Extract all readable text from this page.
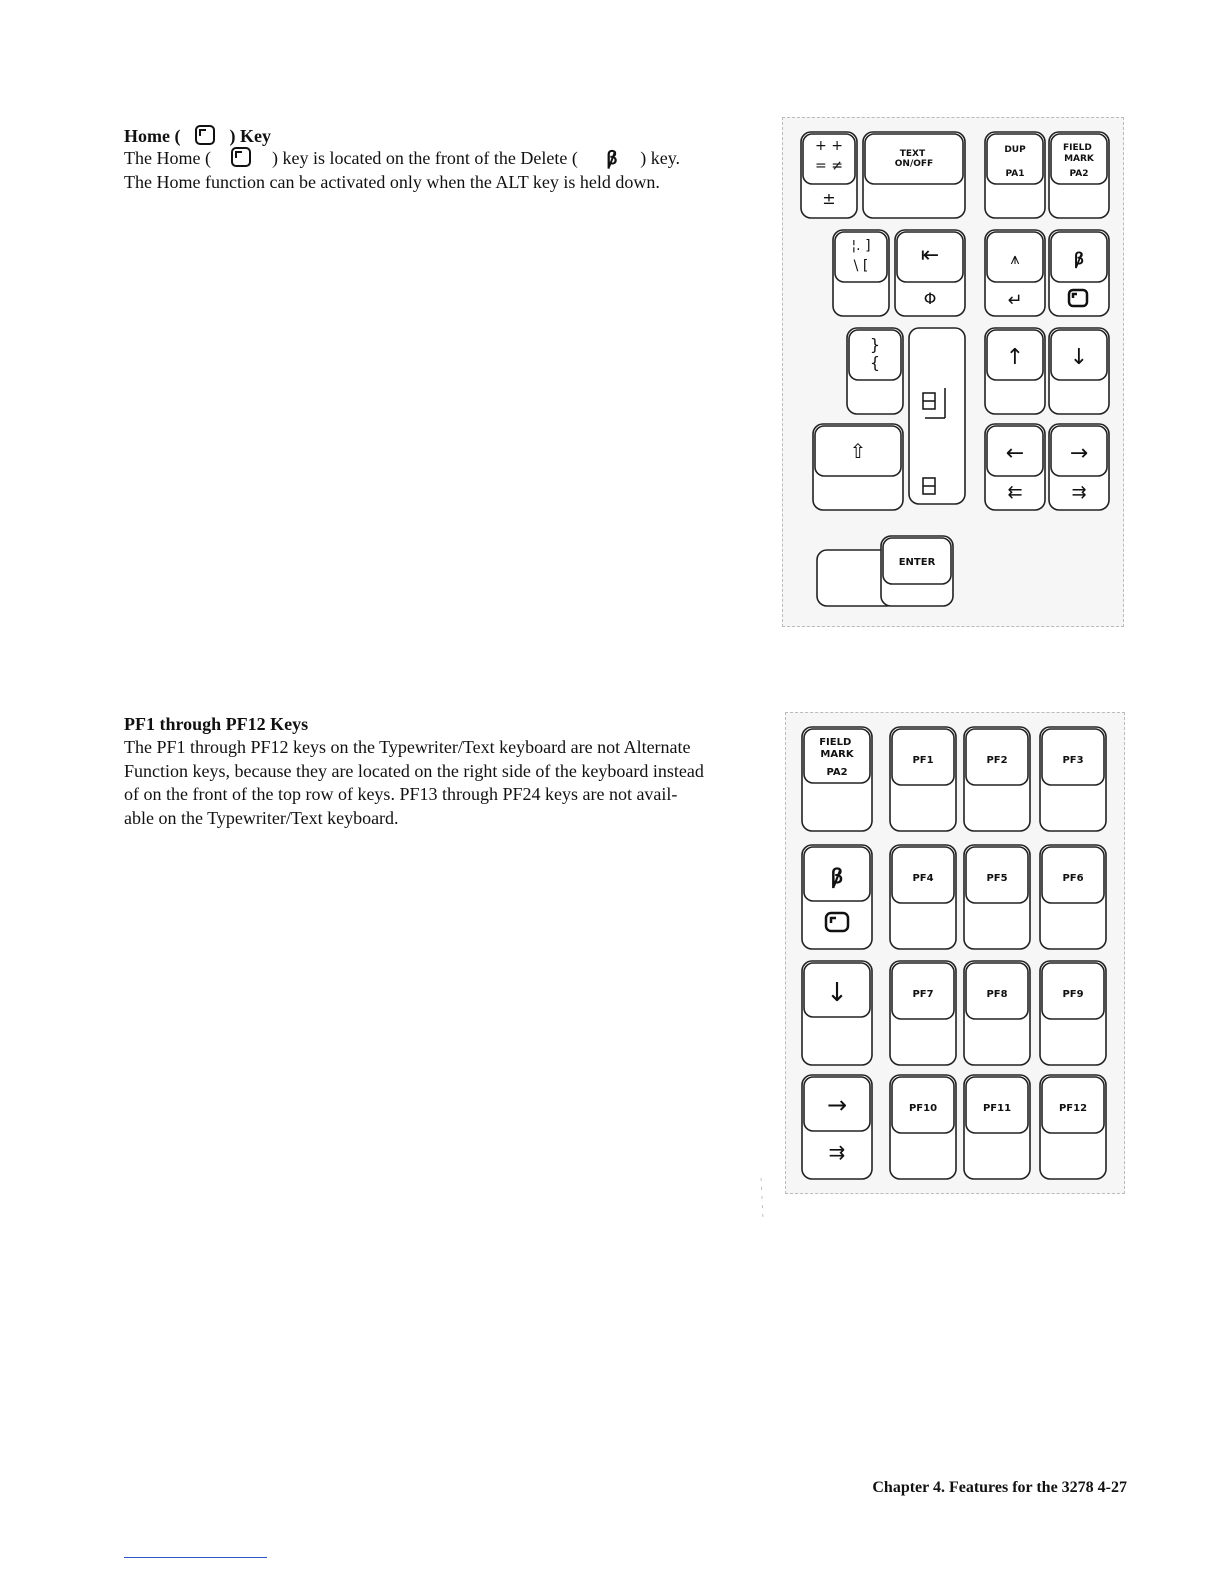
Home (	) Key

The Home (	) key is located on the front of the Delete ( ꞵ̸ ) key.
The Home function can be activated only when the ALT key is held down.

+ +
= ≠
±
TEXT ON/OFF
DUP
PA1
FIELD MARK
PA2
¦. ]
\ [ ⇤
Φ
⩚
↵
ꞵ̸
}
{	↑ ↓
⇧	← →
⇇	⇉
ENTER

PF1 through PF12 Keys

The PF1 through PF12 keys on the Typewriter/Text keyboard are not Alternate
Function keys, because they are located on the right side of the keyboard instead
of on the front of the top row of keys. PF13 through PF24 keys are not avail-
able on the Typewriter/Text keyboard.

FIELD MARK
PA2
ꞵ̸
↓
→
⇉
PF1	PF2	PF3
PF4	PF5	PF6
PF7	PF8	PF9
PF10	PF11	PF12
Chapter 4. Features for the 3278 4-27
